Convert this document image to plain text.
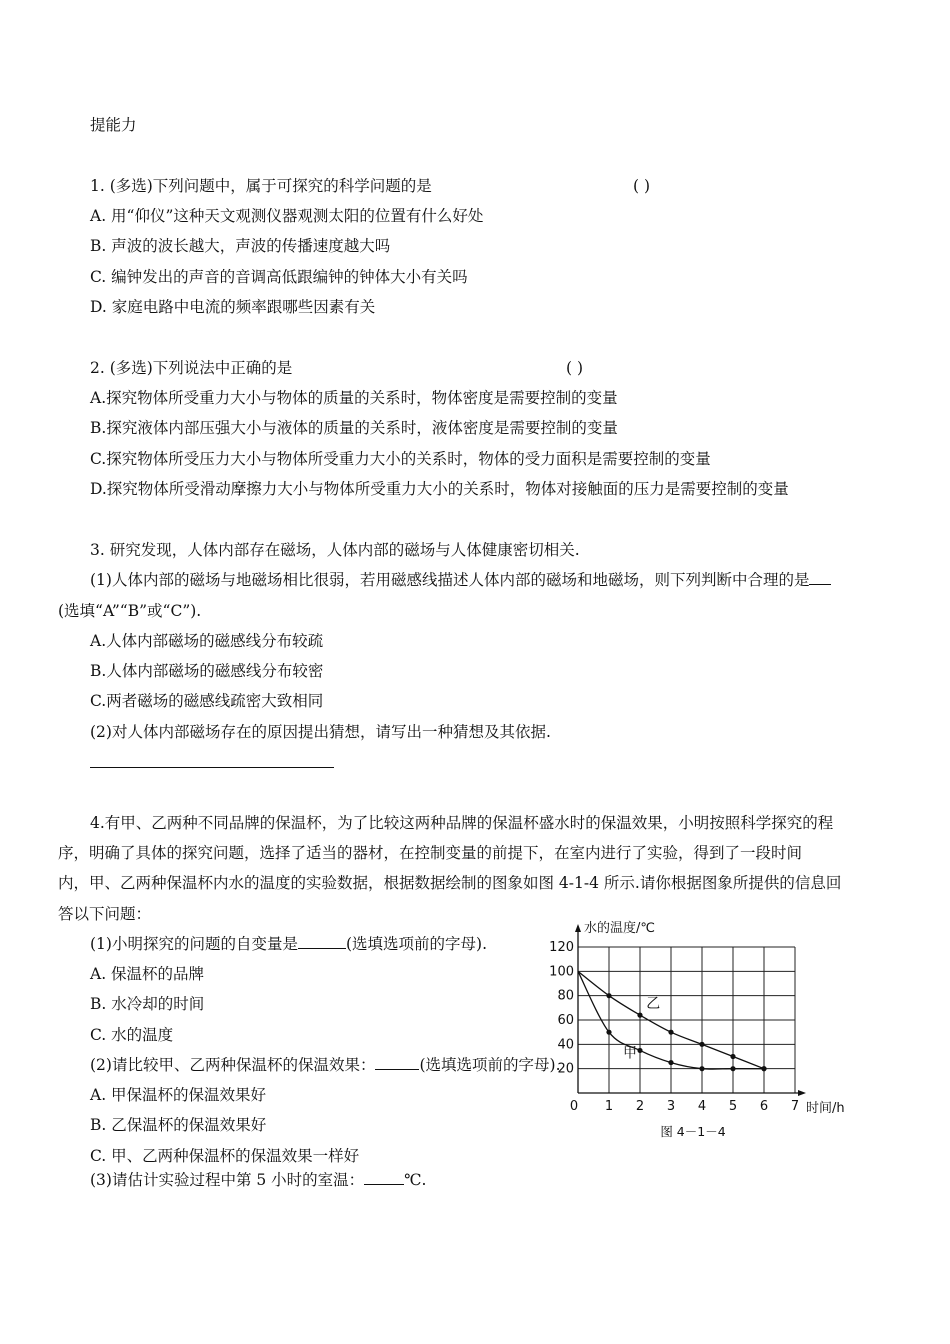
提能力
1. (多选)下列问题中，属于可探究的科学问题的是	( )
A. 用“仰仪”这种天文观测仪器观测太阳的位置有什么好处
B. 声波的波长越大，声波的传播速度越大吗
C. 编钟发出的声音的音调高低跟编钟的钟体大小有关吗
D. 家庭电路中电流的频率跟哪些因素有关
2. (多选)下列说法中正确的是	( )
A.探究物体所受重力大小与物体的质量的关系时，物体密度是需要控制的变量
B.探究液体内部压强大小与液体的质量的关系时，液体密度是需要控制的变量
C.探究物体所受压力大小与物体所受重力大小的关系时，物体的受力面积是需要控制的变量
D.探究物体所受滑动摩擦力大小与物体所受重力大小的关系时，物体对接触面的压力是需要控制的变量
3. 研究发现，人体内部存在磁场，人体内部的磁场与人体健康密切相关.
(1)人体内部的磁场与地磁场相比很弱，若用磁感线描述人体内部的磁场和地磁场，则下列判断中合理的是
(选填“A”“B”或“C”).
A.人体内部磁场的磁感线分布较疏
B.人体内部磁场的磁感线分布较密
C.两者磁场的磁感线疏密大致相同
(2)对人体内部磁场存在的原因提出猜想，请写出一种猜想及其依据.
4.有甲、乙两种不同品牌的保温杯，为了比较这两种品牌的保温杯盛水时的保温效果，小明按照科学探究的程
序，明确了具体的探究问题，选择了适当的器材，在控制变量的前提下，在室内进行了实验，得到了一段时间
内，甲、乙两种保温杯内水的温度的实验数据，根据数据绘制的图象如图 4-1-4 所示.请你根据图象所提供的信息回
答以下问题：
(1)小明探究的问题的自变量是	(选填选项前的字母).
A. 保温杯的品牌
B. 水冷却的时间
C. 水的温度
(2)请比较甲、乙两种保温杯的保温效果：	(选填选项前的字母).
A. 甲保温杯的保温效果好
B. 乙保温杯的保温效果好
C. 甲、乙两种保温杯的保温效果一样好
(3)请估计实验过程中第 5 小时的室温：	℃.
1 2 3 4 5 6 7
20
40
60
80
100
120
水的温度/℃
时间/h
0
图 4－1－4
甲
乙
